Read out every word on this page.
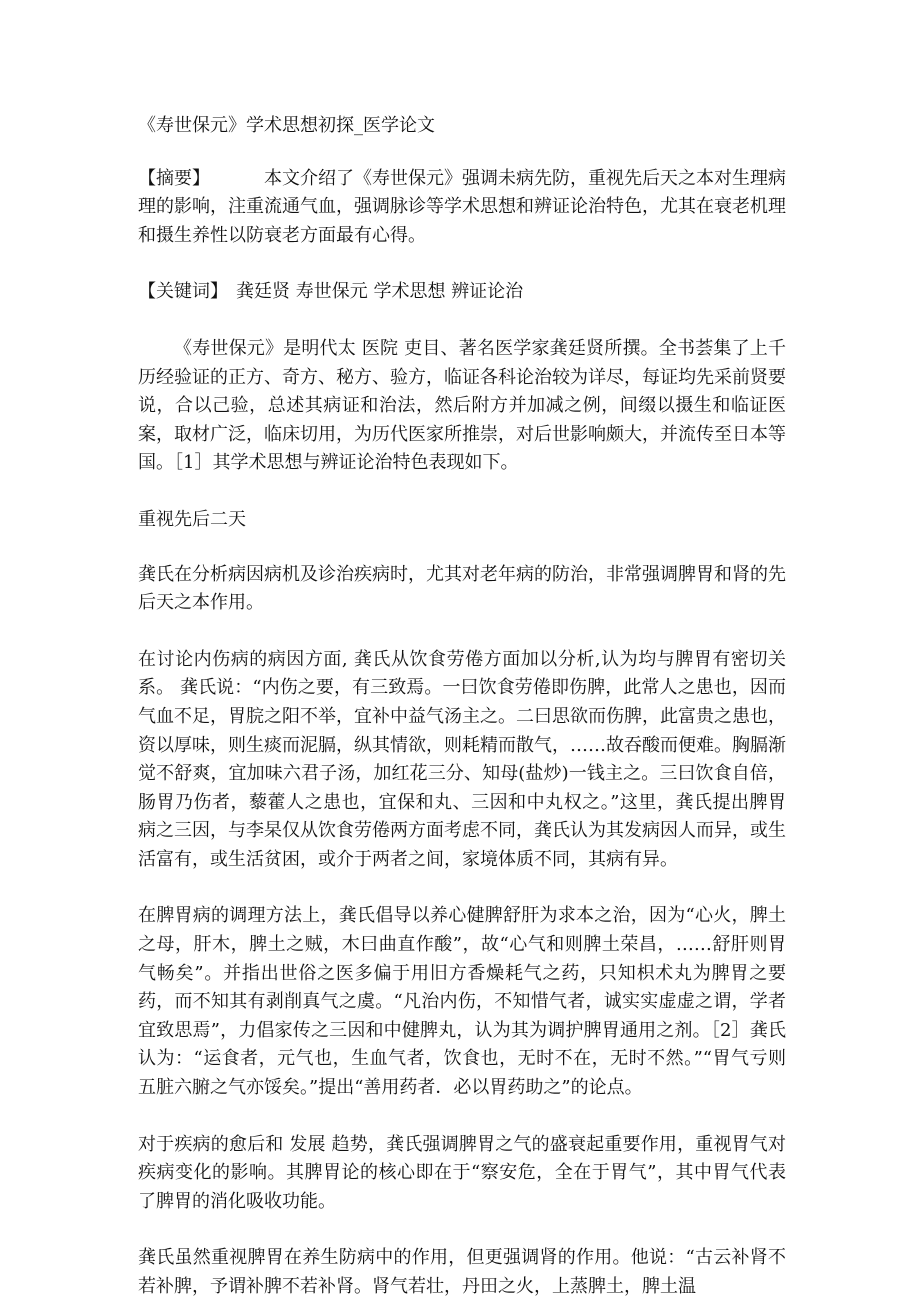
《寿世保元》学术思想初探_医学论文

【摘要】	本文介绍了《寿世保元》强调未病先防，重视先后天之本对生理病理的影响，注重流通气血，强调脉诊等学术思想和辨证论治特色，尤其在衰老机理和摄生养性以防衰老方面最有心得。

【关键词】 龚廷贤 寿世保元 学术思想 辨证论治

《寿世保元》是明代太 医院 吏目、著名医学家龚廷贤所撰。全书荟集了上千历经验证的正方、奇方、秘方、验方，临证各科论治较为详尽，每证均先采前贤要说，合以己验，总述其病证和治法，然后附方并加减之例，间缀以摄生和临证医案，取材广泛，临床切用，为历代医家所推崇，对后世影响颇大，并流传至日本等国。［1］其学术思想与辨证论治特色表现如下。

重视先后二天

龚氏在分析病因病机及诊治疾病时，尤其对老年病的防治，非常强调脾胃和肾的先后天之本作用。

在讨论内伤病的病因方面, 龚氏从饮食劳倦方面加以分析,认为均与脾胃有密切关系。 龚氏说：“内伤之要，有三致焉。一曰饮食劳倦即伤脾，此常人之患也，因而气血不足，胃脘之阳不举，宜补中益气汤主之。二曰思欲而伤脾，此富贵之患也，资以厚味，则生痰而泥膈，纵其情欲，则耗精而散气，……故吞酸而便难。胸膈渐觉不舒爽，宜加味六君子汤，加红花三分、知母(盐炒)一钱主之。三曰饮食自倍，肠胃乃伤者，藜藿人之患也，宜保和丸、三因和中丸权之。”这里，龚氏提出脾胃病之三因，与李杲仅从饮食劳倦两方面考虑不同，龚氏认为其发病因人而异，或生活富有，或生活贫困，或介于两者之间，家境体质不同，其病有异。

在脾胃病的调理方法上，龚氏倡导以养心健脾舒肝为求本之治，因为“心火，脾土之母，肝木，脾土之贼，木曰曲直作酸”，故“心气和则脾土荣昌，……舒肝则胃气畅矣”。并指出世俗之医多偏于用旧方香燥耗气之药，只知枳术丸为脾胃之要药，而不知其有剥削真气之虞。“凡治内伤，不知惜气者，诚实实虚虚之谓，学者宜致思焉”，力倡家传之三因和中健脾丸，认为其为调护脾胃通用之剂。［2］龚氏认为：“运食者，元气也，生血气者，饮食也，无时不在，无时不然。”“胃气亏则五脏六腑之气亦馁矣。”提出“善用药者．必以胃药助之”的论点。

对于疾病的愈后和 发展 趋势，龚氏强调脾胃之气的盛衰起重要作用，重视胃气对疾病变化的影响。其脾胃论的核心即在于“察安危，全在于胃气”，其中胃气代表了脾胃的消化吸收功能。

龚氏虽然重视脾胃在养生防病中的作用，但更强调肾的作用。他说：“古云补肾不若补脾，予谓补脾不若补肾。肾气若壮，丹田之火，上蒸脾土，脾土温
